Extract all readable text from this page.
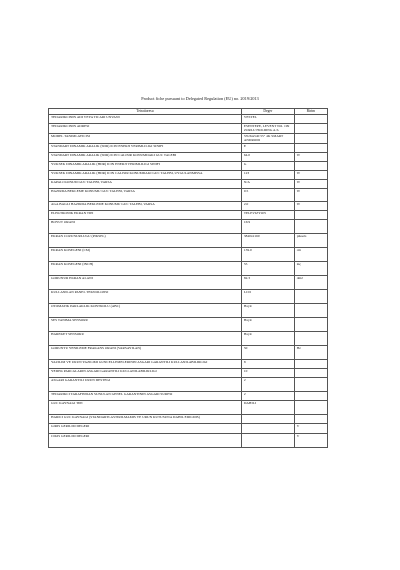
Product fiche pursuant to Delegated Regulation (EU) no. 2019/2013
Tetratioresu	Deger	Birim
TEDARIKCININ ADI VEYA TICARI UNVANI	VESTEL	
TEDARIKCININ ADRESI	ESENTEPE, LEVENT NO. 199 ZORLU HOLDING A.S.	
MODEL TANIMLAYICISI	55U6A540 55" 4K SMART ANDROID	
STANDART DINAMIK ARALIK (SDR) ICIN ENERJI VERIMLILIGI SINIFI	E	
STANDART DINAMIK ARALIK (SDR) ICIN CALISIR KONUMDAKI GUC TALEBI	64.0	W
YUKSEK DINAMIK ARALIK (HDR) ICIN ENERJI VERIMLILIGI SINIFI	G	
YUKSEK DINAMIK ARALIK (HDR) ICIN CALISIR KONUMDAKI GUC TALEBI, UYGULANMISSA	123	W
KAPALI KONUM GUC TALEBI, VARSA	N/A	W
HAZIRDA BEKLEME KONUMU GUC TALEBI, VARSA	0.5	W
AGA BAGLI HAZIRDA BEKLEME KONUMU GUC TALEBI, VARSA	2.0	W
ELEKTRONIK EKRAN TIPI	TELEVIZYON	
BOYUT ORANI	16:9	
EKRAN COZUNURLUGU (PIKSEL)	3840x2160	piksels
EKRAN KOSEGENI (CM)	139.0	cm
EKRAN KOSEGENI (INCH)	55	inç
GORUNUR EKRAN ALANI	82.3	dm2
KULLANILAN PANEL TEKNOLOJISI	LCD	
OTOMATIK PARLAKLIK KONTROLU (ABC)	Hayir	
SES TANIMA SENSORU	Hayir	
HAREKET SENSORU	Hayir	
GORUNTU YENILEME FRAKANS ORANI (VARSAYILAN)	50	Hz
YAZILIM VE URUN YAZILIMI GUNCELLEMELERININ ASGARI GARANTILI KULLANILABILIRLIGI	8	
YEDEK PARCALARIN ASGARI GARANTILI KULLANILABILIRLIGI	10	
ASGARI GARANTILI URUN DESTEGI	2	
TEDARIKCI TARAFINDAN SUNULAN GENEL GARANTININ ASGARI SURESI	2	
GUC KAYNAGI TIPI	DAHILI	
HARICI GUC KAYNAGI (STANDARTLASTIRILMAMIS VE URUN KUTUSUNA DAHIL EDILMIS)		
GIRIS GERILIM DEGERI		V
CIKIS GERILIM DEGERI		V
